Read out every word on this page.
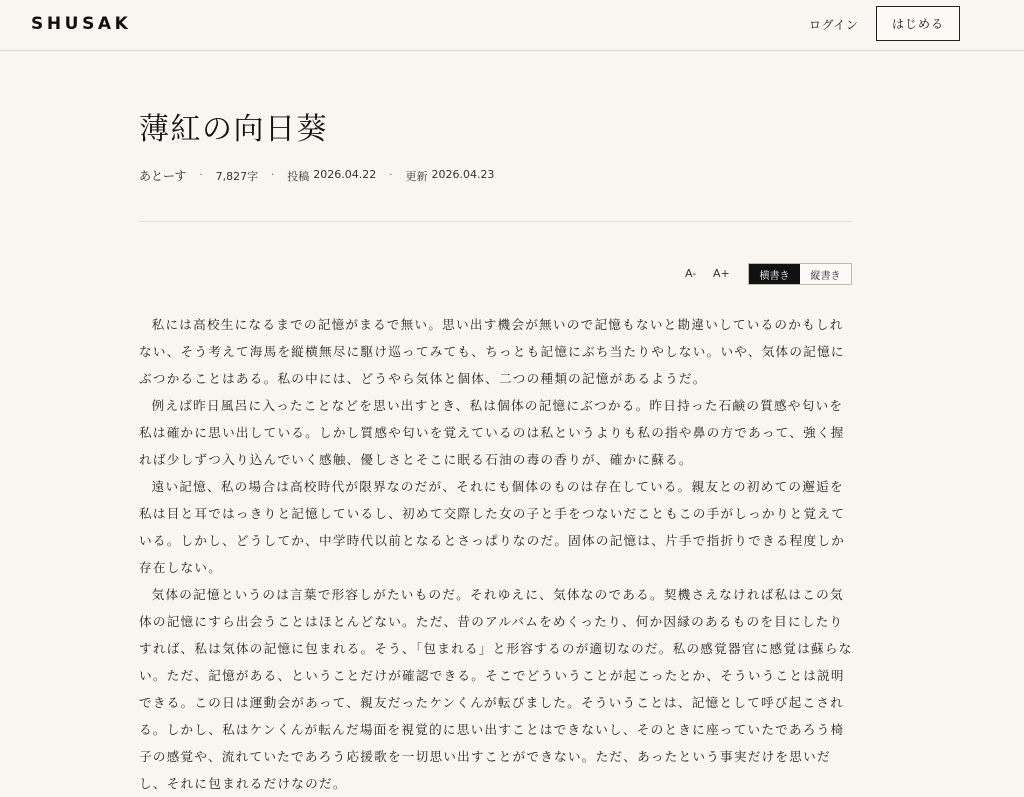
SHUSAK	ログイン	はじめる
薄紅の向日葵
あとーす · 7,827字 · 投稿 2026.04.22 · 更新 2026.04.23
A- A+	横書き	縦書き

私には高校生になるまでの記憶がまるで無い。思い出す機会が無いので記憶もないと勘違いしているのかもしれない、そう考えて海馬を縦横無尽に駆け巡ってみても、ちっとも記憶にぶち当たりやしない。いや、気体の記憶にぶつかることはある。私の中には、どうやら気体と個体、二つの種類の記憶があるようだ。

例えば昨日風呂に入ったことなどを思い出すとき、私は個体の記憶にぶつかる。昨日持った石鹸の質感や匂いを私は確かに思い出している。しかし質感や匂いを覚えているのは私というよりも私の指や鼻の方であって、強く握れば少しずつ入り込んでいく感触、優しさとそこに眠る石油の毒の香りが、確かに蘇る。

遠い記憶、私の場合は高校時代が限界なのだが、それにも個体のものは存在している。親友との初めての邂逅を私は目と耳ではっきりと記憶しているし、初めて交際した女の子と手をつないだこともこの手がしっかりと覚えている。しかし、どうしてか、中学時代以前となるとさっぱりなのだ。固体の記憶は、片手で指折りできる程度しか存在しない。

気体の記憶というのは言葉で形容しがたいものだ。それゆえに、気体なのである。契機さえなければ私はこの気体の記憶にすら出会うことはほとんどない。ただ、昔のアルバムをめくったり、何か因縁のあるものを目にしたりすれば、私は気体の記憶に包まれる。そう、「包まれる」と形容するのが適切なのだ。私の感覚器官に感覚は蘇らない。ただ、記憶がある、ということだけが確認できる。そこでどういうことが起こったとか、そういうことは説明できる。この日は運動会があって、親友だったケンくんが転びました。そういうことは、記憶として呼び起こされる。しかし、私はケンくんが転んだ場面を視覚的に思い出すことはできないし、そのときに座っていたであろう椅子の感覚や、流れていたであろう応援歌を一切思い出すことができない。ただ、あったという事実だけを思いだし、それに包まれるだけなのだ。
